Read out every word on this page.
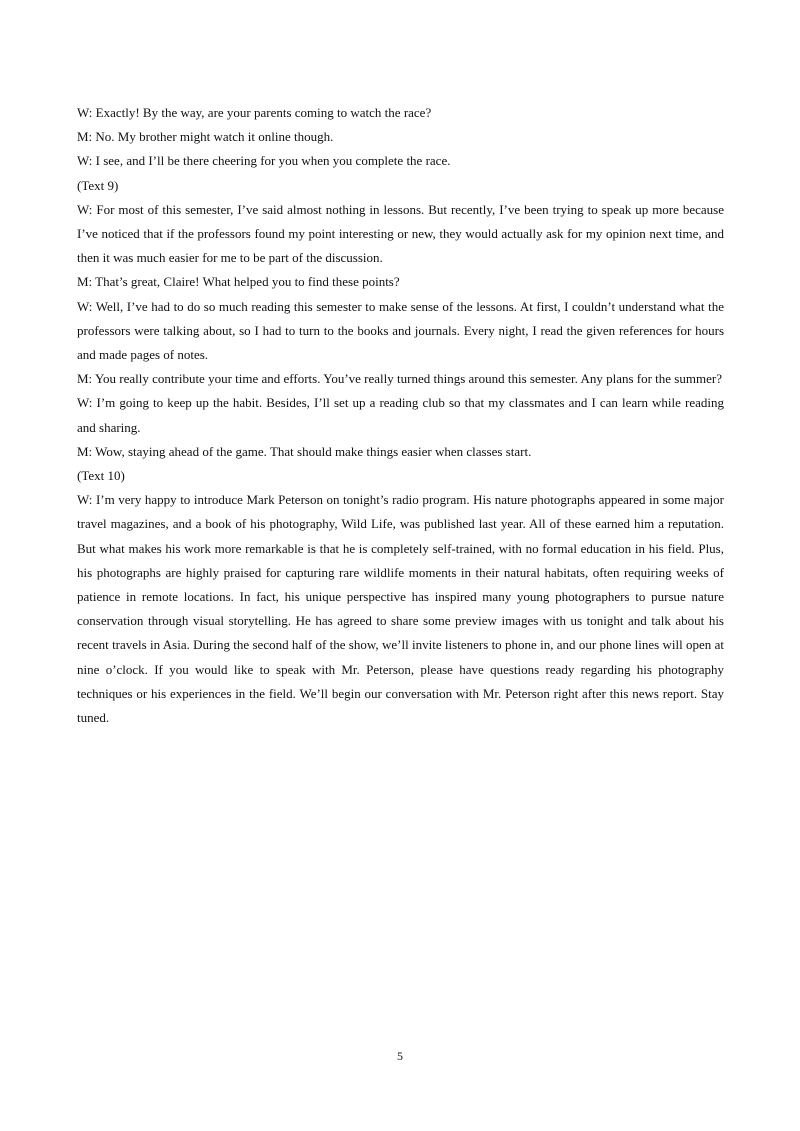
W: Exactly! By the way, are your parents coming to watch the race?

M: No. My brother might watch it online though.

W: I see, and I’ll be there cheering for you when you complete the race.

(Text 9)

W: For most of this semester, I’ve said almost nothing in lessons. But recently, I’ve been trying to speak up more because I’ve noticed that if the professors found my point interesting or new, they would actually ask for my opinion next time, and then it was much easier for me to be part of the discussion.

M: That’s great, Claire! What helped you to find these points?

W: Well, I’ve had to do so much reading this semester to make sense of the lessons. At first, I couldn’t understand what the professors were talking about, so I had to turn to the books and journals. Every night, I read the given references for hours and made pages of notes.

M: You really contribute your time and efforts. You’ve really turned things around this semester. Any plans for the summer?

W: I’m going to keep up the habit. Besides, I’ll set up a reading club so that my classmates and I can learn while reading and sharing.

M: Wow, staying ahead of the game. That should make things easier when classes start.

(Text 10)

W: I’m very happy to introduce Mark Peterson on tonight’s radio program. His nature photographs appeared in some major travel magazines, and a book of his photography, Wild Life, was published last year. All of these earned him a reputation. But what makes his work more remarkable is that he is completely self-trained, with no formal education in his field. Plus, his photographs are highly praised for capturing rare wildlife moments in their natural habitats, often requiring weeks of patience in remote locations. In fact, his unique perspective has inspired many young photographers to pursue nature conservation through visual storytelling. He has agreed to share some preview images with us tonight and talk about his recent travels in Asia. During the second half of the show, we’ll invite listeners to phone in, and our phone lines will open at nine o’clock. If you would like to speak with Mr. Peterson, please have questions ready regarding his photography techniques or his experiences in the field. We’ll begin our conversation with Mr. Peterson right after this news report. Stay tuned.

5
